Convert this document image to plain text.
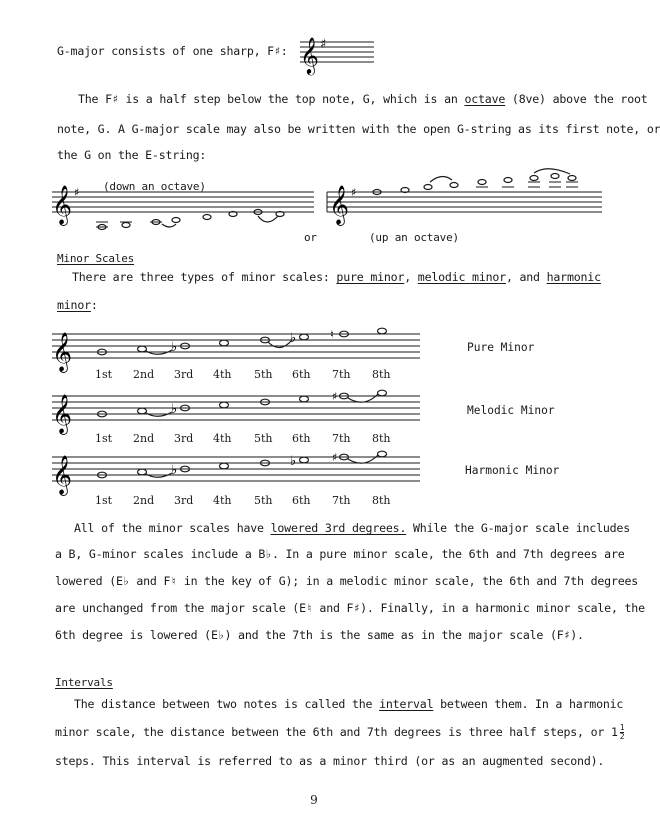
G-major consists of one sharp, F♯: 𝄞 ♯

The F♯ is a half step below the top note, G, which is an octave (8ve) above the root

note, G. A G-major scale may also be written with the open G-string as its first note, or

the G on the E-string:

𝄞 ♯	𝄞 ♯

(down an octave)

or	(up an octave)

Minor Scales

There are three types of minor scales: pure minor, melodic minor, and harmonic

minor:

𝄞	♭
♭	♮
Pure Minor
1st 2nd 3rd 4th 5th 6th 7th 8th
𝄞	♭
♯
Melodic Minor
1st 2nd 3rd 4th 5th 6th 7th 8th
𝄞	♭
♭	♯
Harmonic Minor
1st 2nd 3rd 4th 5th 6th 7th 8th

All of the minor scales have lowered 3rd degrees. While the G-major scale includes

a B, G-minor scales include a B♭. In a pure minor scale, the 6th and 7th degrees are

lowered (E♭ and F♮ in the key of G); in a melodic minor scale, the 6th and 7th degrees

are unchanged from the major scale (E♮ and F♯). Finally, in a harmonic minor scale, the

6th degree is lowered (E♭) and the 7th is the same as in the major scale (F♯).

Intervals

The distance between two notes is called the interval between them. In a harmonic

minor scale, the distance between the 6th and 7th degrees is three half steps, or $1 \frac{1}{2}$

steps. This interval is referred to as a minor third (or as an augmented second).

9
